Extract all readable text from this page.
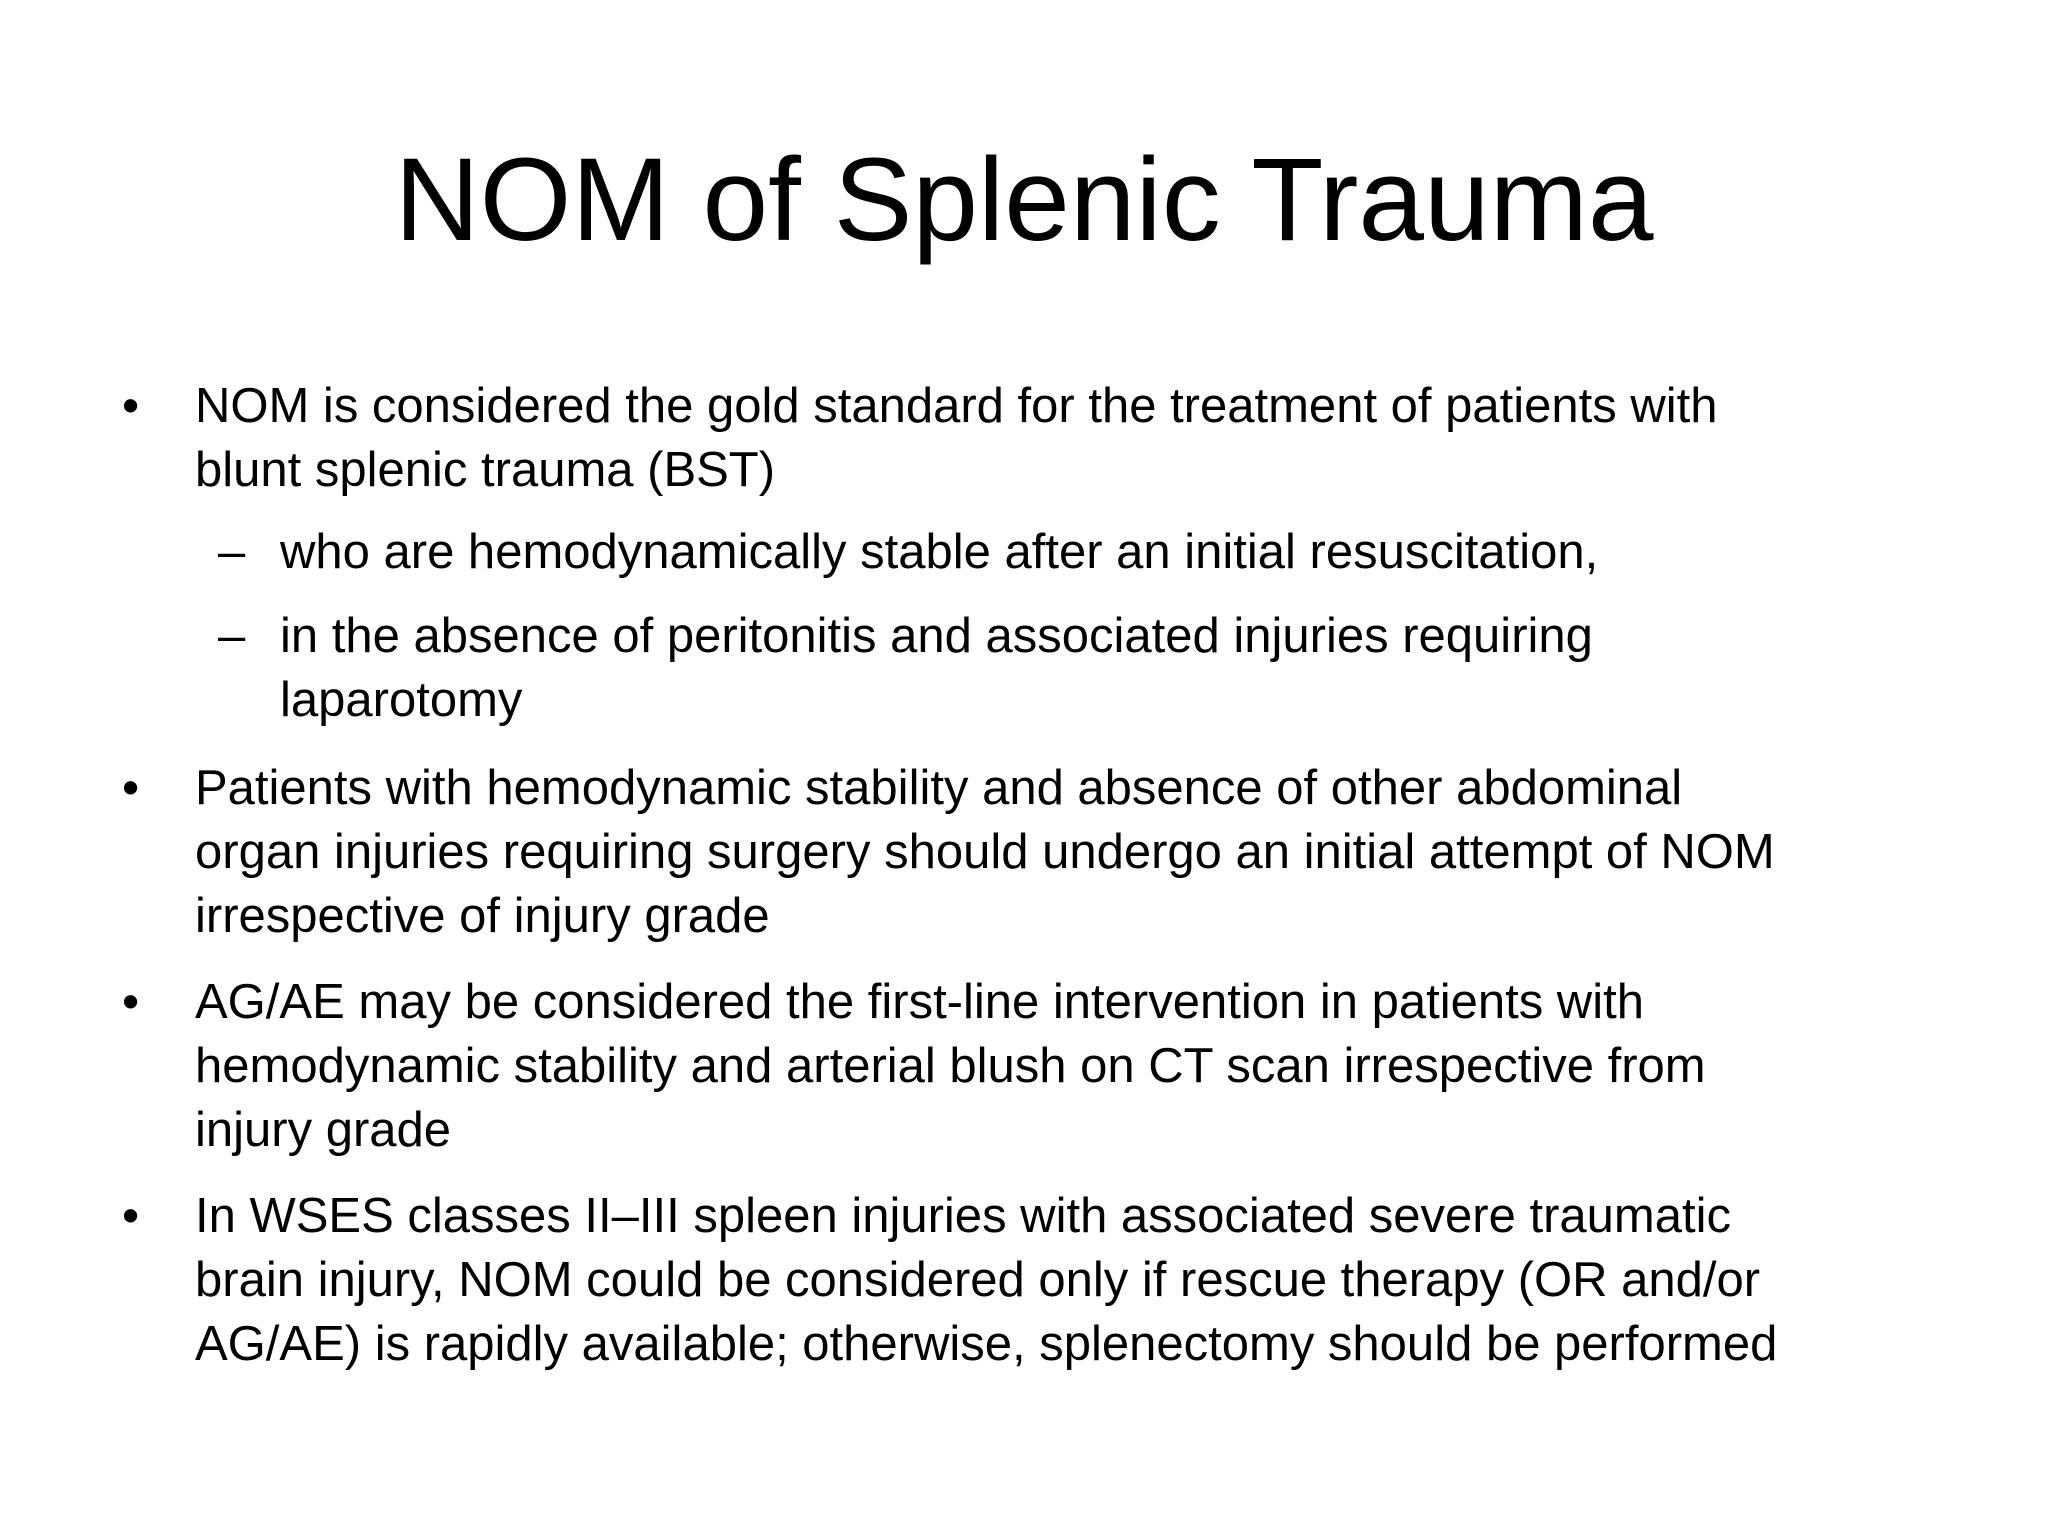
NOM of Splenic Trauma
• NOM is considered the gold standard for the treatment of patients with

blunt splenic trauma (BST)

– who are hemodynamically stable after an initial resuscitation,

– in the absence of peritonitis and associated injuries requiring

laparotomy

• Patients with hemodynamic stability and absence of other abdominal

organ injuries requiring surgery should undergo an initial attempt of NOM

irrespective of injury grade

• AG/AE may be considered the first-line intervention in patients with

hemodynamic stability and arterial blush on CT scan irrespective from

injury grade

• In WSES classes II–III spleen injuries with associated severe traumatic

brain injury, NOM could be considered only if rescue therapy (OR and/or

AG/AE) is rapidly available; otherwise, splenectomy should be performed
